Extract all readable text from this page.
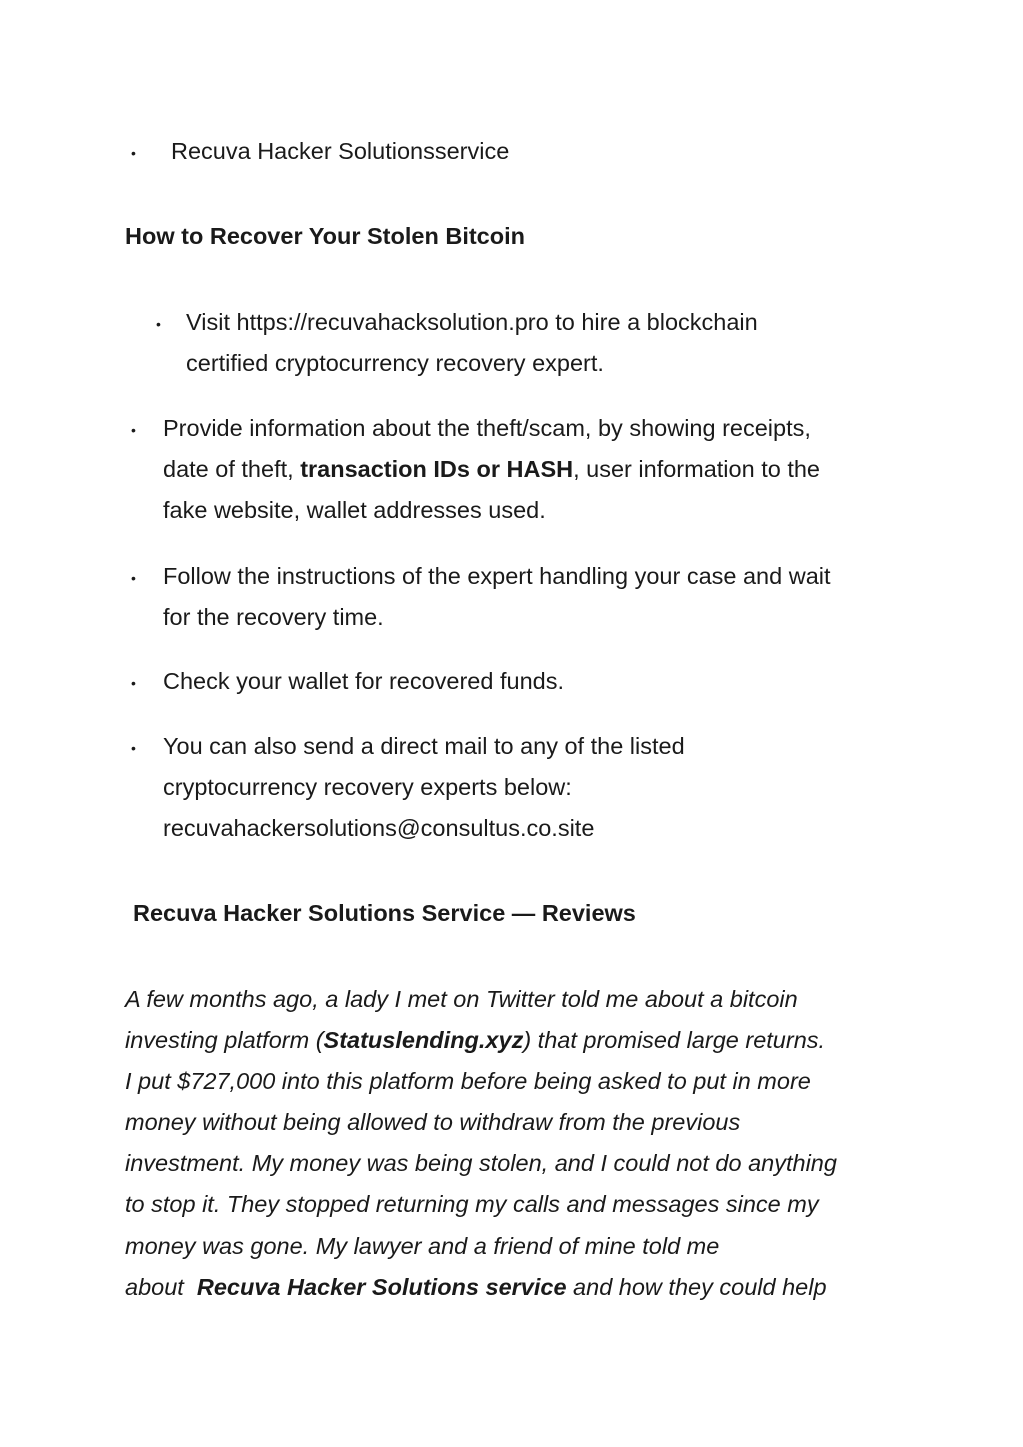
• Recuva Hacker Solutionsservice
How to Recover Your Stolen Bitcoin
• Visit https://recuvahacksolution.pro to hire a blockchain
certified cryptocurrency recovery expert.
• Provide information about the theft/scam, by showing receipts,
date of theft, transaction IDs or HASH, user information to the
fake website, wallet addresses used.
• Follow the instructions of the expert handling your case and wait
for the recovery time.
• Check your wallet for recovered funds.
• You can also send a direct mail to any of the listed
cryptocurrency recovery experts below:
recuvahackersolutions@consultus.co.site
Recuva Hacker Solutions Service — Reviews
A few months ago, a lady I met on Twitter told me about a bitcoin
investing platform (Statuslending.xyz) that promised large returns.
I put $727,000 into this platform before being asked to put in more
money without being allowed to withdraw from the previous
investment. My money was being stolen, and I could not do anything
to stop it. They stopped returning my calls and messages since my
money was gone. My lawyer and a friend of mine told me
about  Recuva Hacker Solutions service and how they could help
